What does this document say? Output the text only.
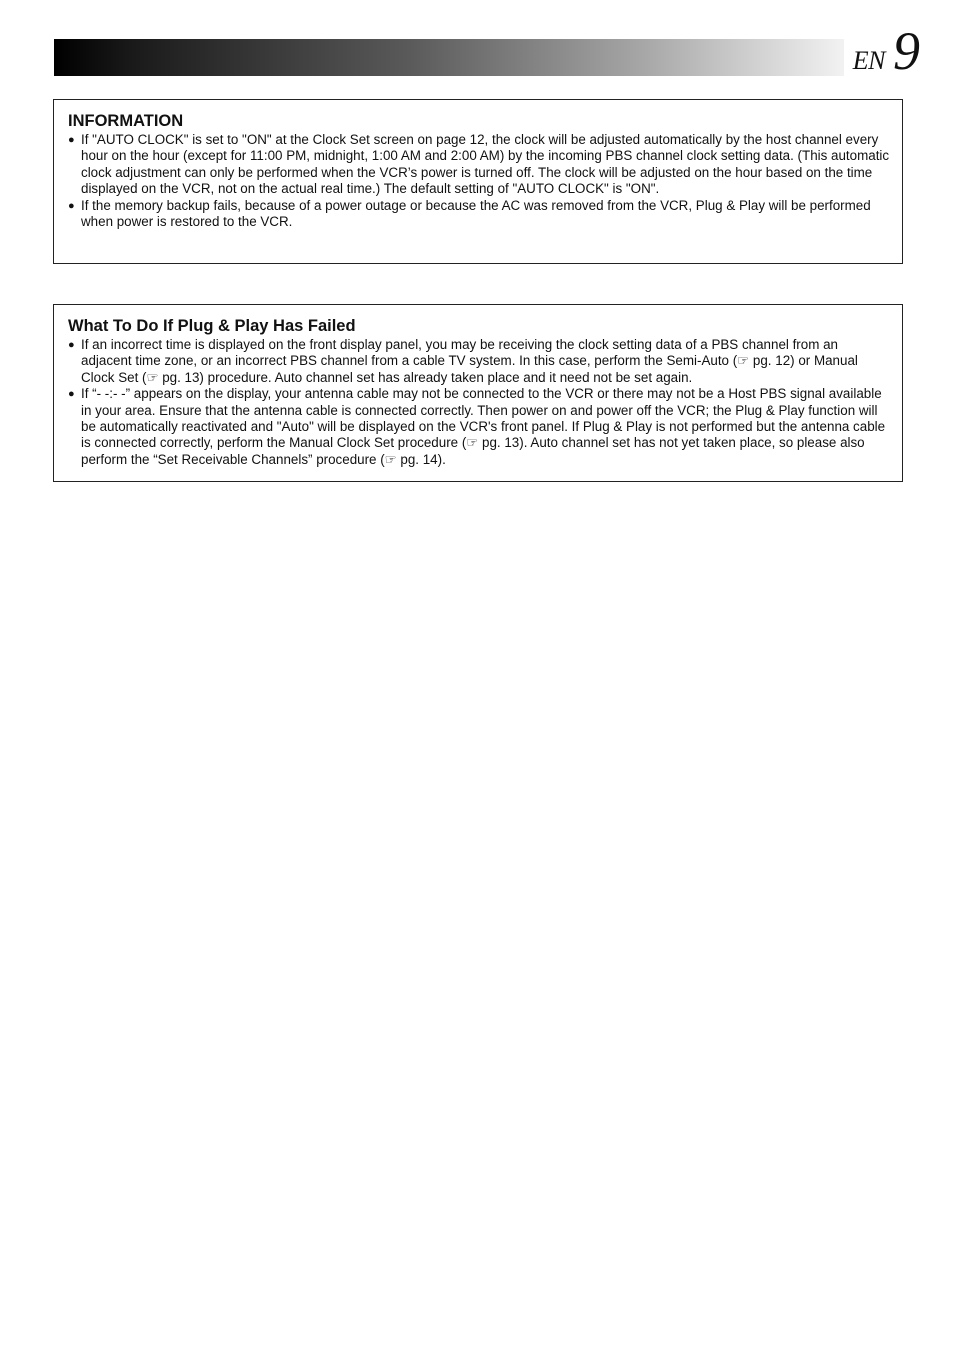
EN 9
INFORMATION
● If "AUTO CLOCK" is set to "ON" at the Clock Set screen on page 12, the clock will be adjusted automatically by the host channel every hour on the hour (except for 11:00 PM, midnight, 1:00 AM and 2:00 AM) by the incoming PBS channel clock setting data. (This automatic clock adjustment can only be performed when the VCR’s power is turned off. The clock will be adjusted on the hour based on the time displayed on the VCR, not on the actual real time.) The default setting of "AUTO CLOCK" is "ON".
● If the memory backup fails, because of a power outage or because the AC was removed from the VCR, Plug & Play will be performed when power is restored to the VCR.
What To Do If Plug & Play Has Failed
● If an incorrect time is displayed on the front display panel, you may be receiving the clock setting data of a PBS channel from an adjacent time zone, or an incorrect PBS channel from a cable TV system. In this case, perform the Semi-Auto (☞ pg. 12) or Manual Clock Set (☞ pg. 13) procedure. Auto channel set has already taken place and it need not be set again.
● If “- -:- -” appears on the display, your antenna cable may not be connected to the VCR or there may not be a Host PBS signal available in your area. Ensure that the antenna cable is connected correctly. Then power on and power off the VCR; the Plug & Play function will be automatically reactivated and "Auto" will be displayed on the VCR's front panel. If Plug & Play is not performed but the antenna cable is connected correctly, perform the Manual Clock Set procedure (☞ pg. 13). Auto channel set has not yet taken place, so please also perform the “Set Receivable Channels” procedure (☞ pg. 14).
